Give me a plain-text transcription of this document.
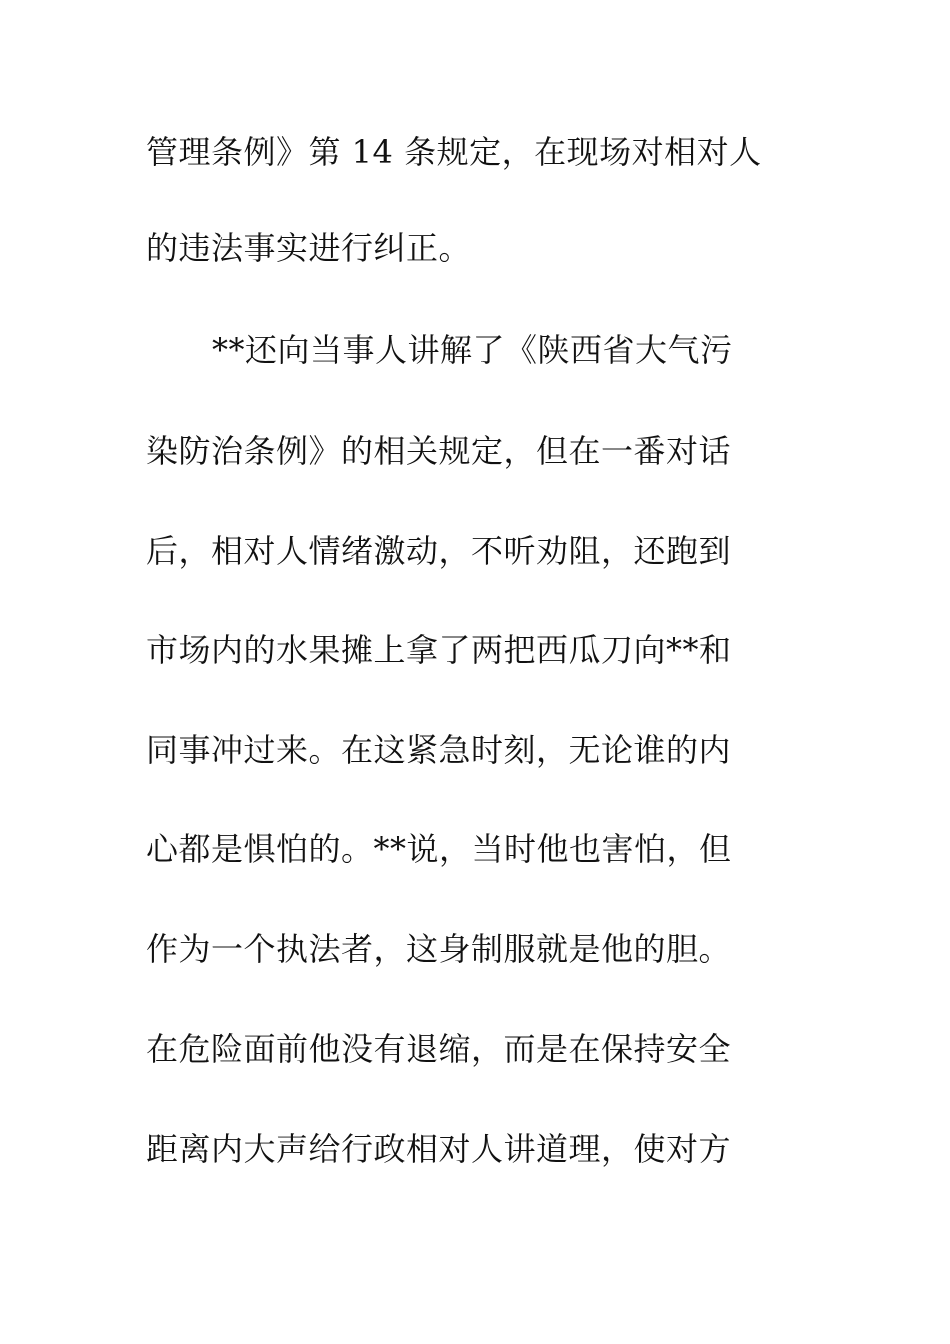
管理条例》第 14 条规定，在现场对相对人
的违法事实进行纠正。
**还向当事人讲解了《陕西省大气污
染防治条例》的相关规定，但在一番对话
后，相对人情绪激动，不听劝阻，还跑到
市场内的水果摊上拿了两把西瓜刀向**和
同事冲过来。在这紧急时刻，无论谁的内
心都是惧怕的。**说，当时他也害怕，但
作为一个执法者，这身制服就是他的胆。
在危险面前他没有退缩，而是在保持安全
距离内大声给行政相对人讲道理，使对方
